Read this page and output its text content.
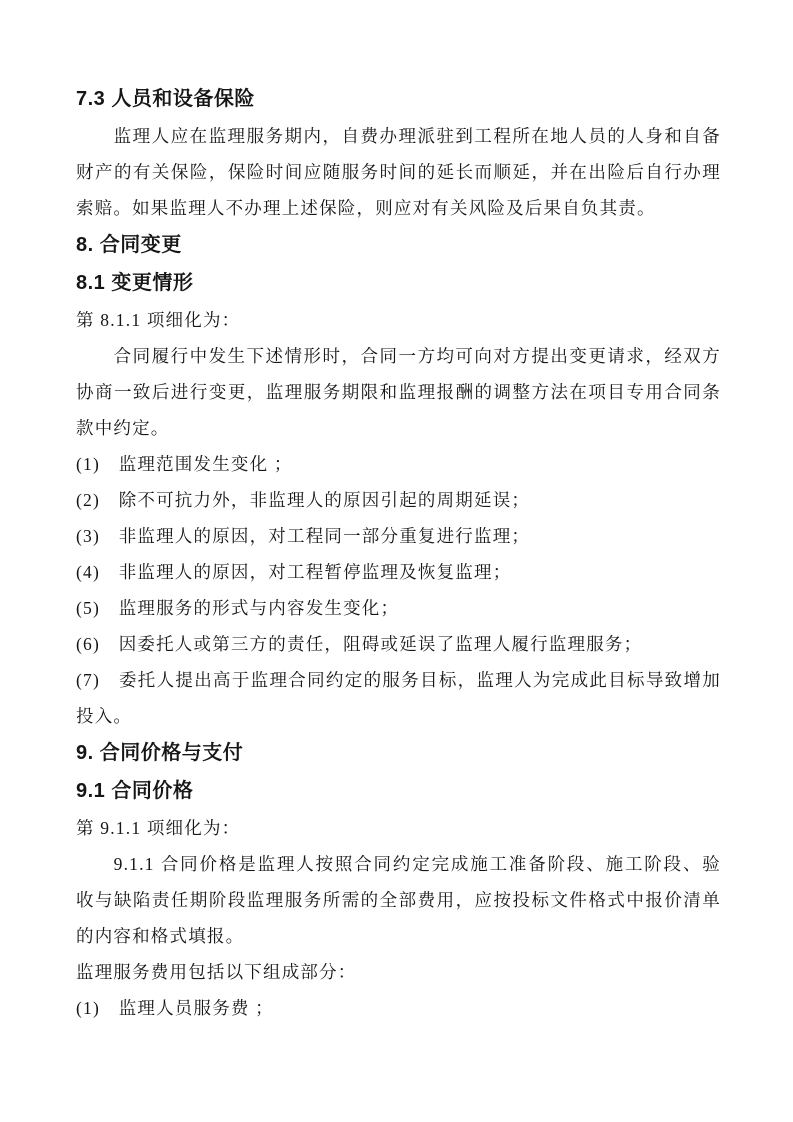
7.3 人员和设备保险

监理人应在监理服务期内，自费办理派驻到工程所在地人员的人身和自备财产的有关保险，保险时间应随服务时间的延长而顺延，并在出险后自行办理索赔。如果监理人不办理上述保险，则应对有关风险及后果自负其责。

8. 合同变更
8.1 变更情形

第 8.1.1 项细化为：

合同履行中发生下述情形时，合同一方均可向对方提出变更请求，经双方协商一致后进行变更，监理服务期限和监理报酬的调整方法在项目专用合同条款中约定。

(1)　监理范围发生变化 ；

(2)　除不可抗力外，非监理人的原因引起的周期延误；

(3)　非监理人的原因，对工程同一部分重复进行监理；

(4)　非监理人的原因，对工程暂停监理及恢复监理；

(5)　监理服务的形式与内容发生变化；

(6)　因委托人或第三方的责任，阻碍或延误了监理人履行监理服务；

(7)　委托人提出高于监理合同约定的服务目标，监理人为完成此目标导致增加投入。

9. 合同价格与支付
9.1 合同价格

第 9.1.1 项细化为：

9.1.1 合同价格是监理人按照合同约定完成施工准备阶段、施工阶段、验收与缺陷责任期阶段监理服务所需的全部费用，应按投标文件格式中报价清单的内容和格式填报。

监理服务费用包括以下组成部分：

(1)　监理人员服务费 ；
